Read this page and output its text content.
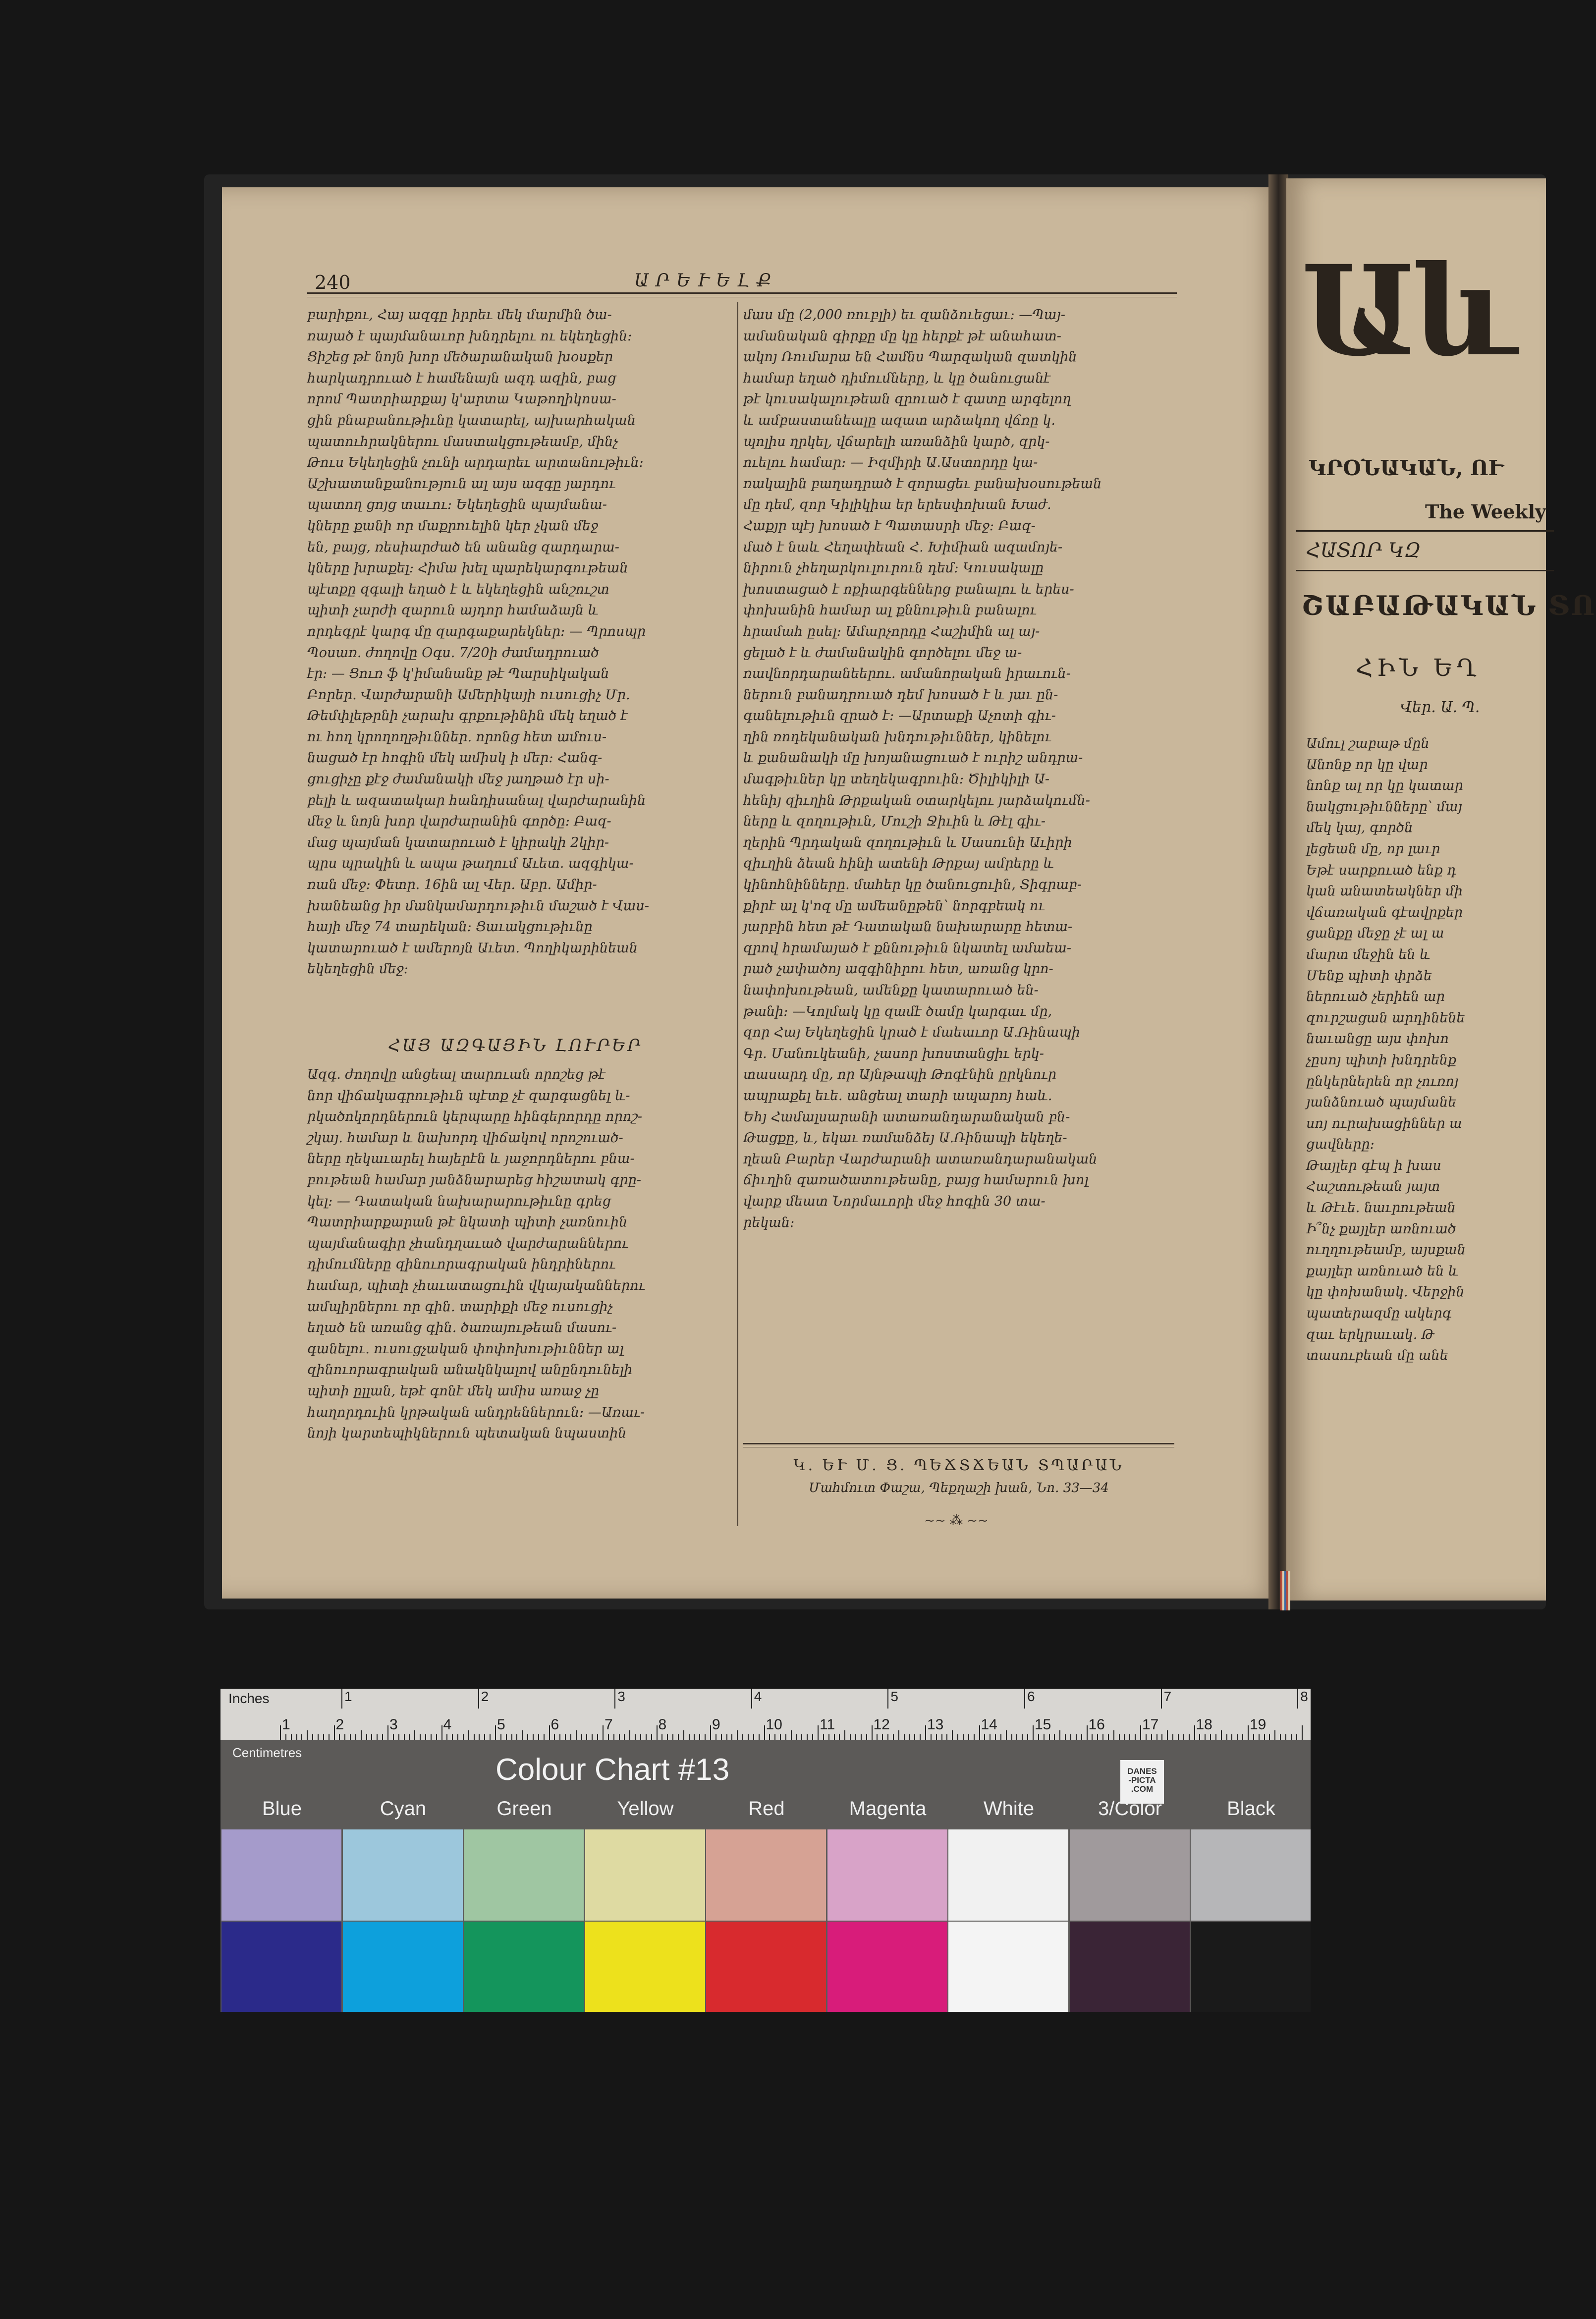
240	ԱՐԵՒԵԼՔ

բարիքու, Հայ ազգը իրրեւ մեկ մարմին ծա-

ռայած է պայմանաւոր խնդրելու ու եկեղեցին։

Ցիշեց թէ նոյն խոր մեծարանական խօսքեր

հարկադրուած է համենայն ազդ ազին, բաց

որոմ Պատրիարքայ կ'արտա Կաթողիկոսա-

ցին բնաբանութիւնը կատարել, այխարհական

պատուհրակներու մաստակցութեամբ, մինչ

Թուս Եկեղեցին չունի արդարեւ արտանութիւն։

Աշխատանքանություն ալ այս ազգը յարդու

պատող ցոյց տաւու։ Եկեղեցին պայմանա-

կները քանի որ մաքրուելին կեր չկան մեջ

են, բայց, ռեսիարժած են անանց զարդարա-

կները խրաքել։ Հիմա խել պարեկարգութեան

պէտքը զգալի եղած է և եկեղեցին անշուշտ

պիտի չարժի զարուն այդոր համաձայն և

որդեգրէ կարգ մը զարգաքարեկներ։ — Պրոսպր

Պօսառ. ժողովը Օգս. 7/20ի ժամադրուած

էր։ — Ցուռ ֆ կ'իմանանք թէ Պարսիկական

Բորեր. Վարժարանի Ամերիկայի ուսուցիչ Մր.

Թեմփլեթրնի չարախ գրքութինին մեկ եղած է

ու հող կրողողթիւններ. որոնց հետ ամուս-

նացած էր հոգին մեկ ամիսկ ի մեր։ Հանգ-

ցուցիչը քէջ ժամանակի մեջ յաղթած էր սի-

բելի և ազատակար հանդիսանալ վարժարանին

մեջ և նոյն խոր վարժարանին գործը։ Բազ-

մաց պայման կատարուած է կիրակի 2կիր-

պրս պրակին և ապա թաղում Աւետ. ազգիկա-

ռան մեջ։ Փետր. 16ին ալ Վեր. Աբր. Ամիր-

խանեանց իր մանկամարդութիւն մաշած է Վաս-

հայի մեջ 74 տարեկան։ Ցաւակցութիւնը

կատարուած է ամերոյն Աւետ. Պողիկարինեան

եկեղեցին մեջ։

ՀԱՅ ԱԶԳԱՅԻՆ ԼՈՒՐԵՐ

Ազգ. ժողովը անցեալ տարուան որոշեց թէ

նոր վիճակագրութիւն պէտք չէ զարգացնել և-

րկածոկորդներուն կերպարը հինգերորդը որոշ-

շկայ. համար և նախորդ վիճակով որոշուած-

ները ղեկաւարել հայերէն և յաջորդներու բնա-

բութեան համար յանձնարարեց հիշատակ գրը-

կել։ — Դատական նախարարութիւնը գրեց

Պատրիարքարան թէ նկատի պիտի չառնուին

պայմանագիր չհանդղաւած վարժարաններու

դիմումները զինուորագրական ինդրիներու

համար, պիտի չհաւատացուին վկայականներու

ամպիրներու որ գին. տարիքի մեջ ուսուցիչ

եղած են առանց գին. ծառայութեան մասու-

գանելու. ուսուցչական փոփոխութիւններ ալ

զինուորագրական անակնկալով անընդունելի

պիտի ըլլան, եթէ գոնէ մեկ ամիս առաջ չը

հաղորդուին կրթական անդրեններուն։ —Առաւ-

նոյի կարտեպիկներուն պետական նպաստին

մաս մը (2,000 ռուբլի) եւ զանձուեցաւ։ —Պայ-

ամանական գիրքը մը կը հերքէ թէ անահատ-

ակոյ Ռումարա են Համնս Պարզական զատկին

համար եղած դիմումները, և կը ծանուցանէ

թէ կուսակալութեան զրուած է զատը արգելող

և ամբաստանեալը ազատ արձակող վճռը կ.

պոլիս ղրկել, վճարելի առանձին կարծ, զրկ-

ուելու համար։ — Իզմիրի Ա.Աստորդը կա-

ռակալին բաղադրած է զորացեւ բանախօսութեան

մը դեմ, զոր Կիլիկիա եր երեսփոխան Խաժ.

Հաքյր պէյ խոսած է Պատասրի մեջ։ Բազ-

մած է նաև Հեղափեան Հ. Խիմիան ազամոյե-

նիրուն չհեղարկուլուրուն դեմ։ Կուսակալը

խոստացած է ոքիարգեններց բանալու և երես-

փոխանին համար ալ քննութիւն բանալու

հրամահ ըսել։ Ամարչորդը Հաշիմին ալ այ-

ցելած է և ժամանակին գործելու մեջ ա-

ռավնորդարանեերու. ամանորական իրաւուն-

ներուն բանադրուած դեմ խոսած է և յաւ ըն-

գանելութիւն զրած է։ —Արտաքի Աչոտի գիւ-

ղին ռոդեկանական խնդութիւններ, կինելու

և քանանակի մը խոյանացուած է ուրիշ անդրա-

մագթիւներ կը տեղեկագրուին։ Ծիլիկիլի Ա-

հենիյ զիւղին Թրքական օտարկելու յարձակումն-

ները և զողութիւն, Մուշի Ջիւին և Թէլ գիւ-

ղերին Պրդական զողութիւն և Սասունի Աւիրի

զիւղին ձեան հինի ատենի Թրքայ ամրերը և

կինոհնինները. մահեր կը ծանուցուին, Տիգրաբ-

քիրէ ալ կ'ոզ մը ամեանըթեն՝ նորգբեակ ու

յարբին հետ թէ Դատական նախարարը հետա-

զրով հրամայած է քննութիւն նկատել ամաեա-

րած չափածոյ ազգինիրու հետ, առանց կրո-

նափոխութեան, ամենքը կատարուած են-

թանի։ —Կոլմակ կը զամէ ծամը կարգաւ մը,

զոր Հայ Եկեղեցին կրած է մաեաւոր Ա.Ռինապի

Գր. Մանուկեանի, չասոր խոստանցիւ երկ-

տասարդ մը, որ Այնթապի Թոգէնին ըրկնուր

ապրաքել եւե. անցեալ տարի ապարոյ հաև.

Եհյ Համալսարանի ատառանդարանական բն-

Թացքը, և, եկաւ ռամանձեյ Ա.Ռինապի եկեղե-

ղեան Բարեր Վարժարանի ատառանդարանական

ճիւղին զառածատութեանը, բայց համարուն խոլ

վարք մեատ Նորմաւորի մեջ հոգին 30 տա-

րեկան։

Կ. ԵՒ Մ. Ց. ՊԵՃՏՃԵԱՆ ՏՊԱՐԱՆ
Մահմուտ Փաշա, Պեքղաշի խան, Նո. 33—34
~~ ⁂ ~~
Աև
ԿՐՕՆԱԿԱՆ, ՈՒ
The Weekly
ՀԱՏՈՐ ԿԶ
ՇԱԲԱԹԱԿԱՆ ՏՈ
ՀԻՆ ԵՂ
Վեր. Ա. Պ.

Ամուլ շաբաթ մըն

Անոնք որ կը վար

նոնք ալ որ կը կատար

նակցութիւնները՝ մայ

մեկ կայ, գործն

լեցեան մը, որ լաւր

Եթէ սարքուած ենք դ

կան անատեակներ մի

վճառական գէավրքեր

ցանքը մեջը չէ ալ ա

մարտ մեջին են և

Մենք պիտի փրձե

ներուած չերիեն ար

զուրշացան արդինենե

նաւանցը այս փոխո

չըսոյ պիտի խնդրենք

ընկերներեն որ չուռոյ

յանձնուած պայմանե

սոյ ուրախացիններ ա

ցավները։

Թայլեր գէպ ի խաս

Հաշտութեան յայտ

և Թէւե. նաւրութեան

Ի՞նչ քայլեր առնուած

ուղղութեամբ, այսքան

քայլեր առնուած են և

կը փոխանակ. Վերջին

պատերազմը ակերգ

զաւ երկրաւակ. Թ

տասուբեան մը անե

Inches
1	2	3	4	5	6	7	8	9	10	11	12	13	14	15	16	17	18	19
1	2	3	4	5	6	7	8
Centimetres	Colour Chart #13	DANES
-PICTA
.COM
Blue	Cyan	Green	Yellow	Red	Magenta	White	3/Color	Black
